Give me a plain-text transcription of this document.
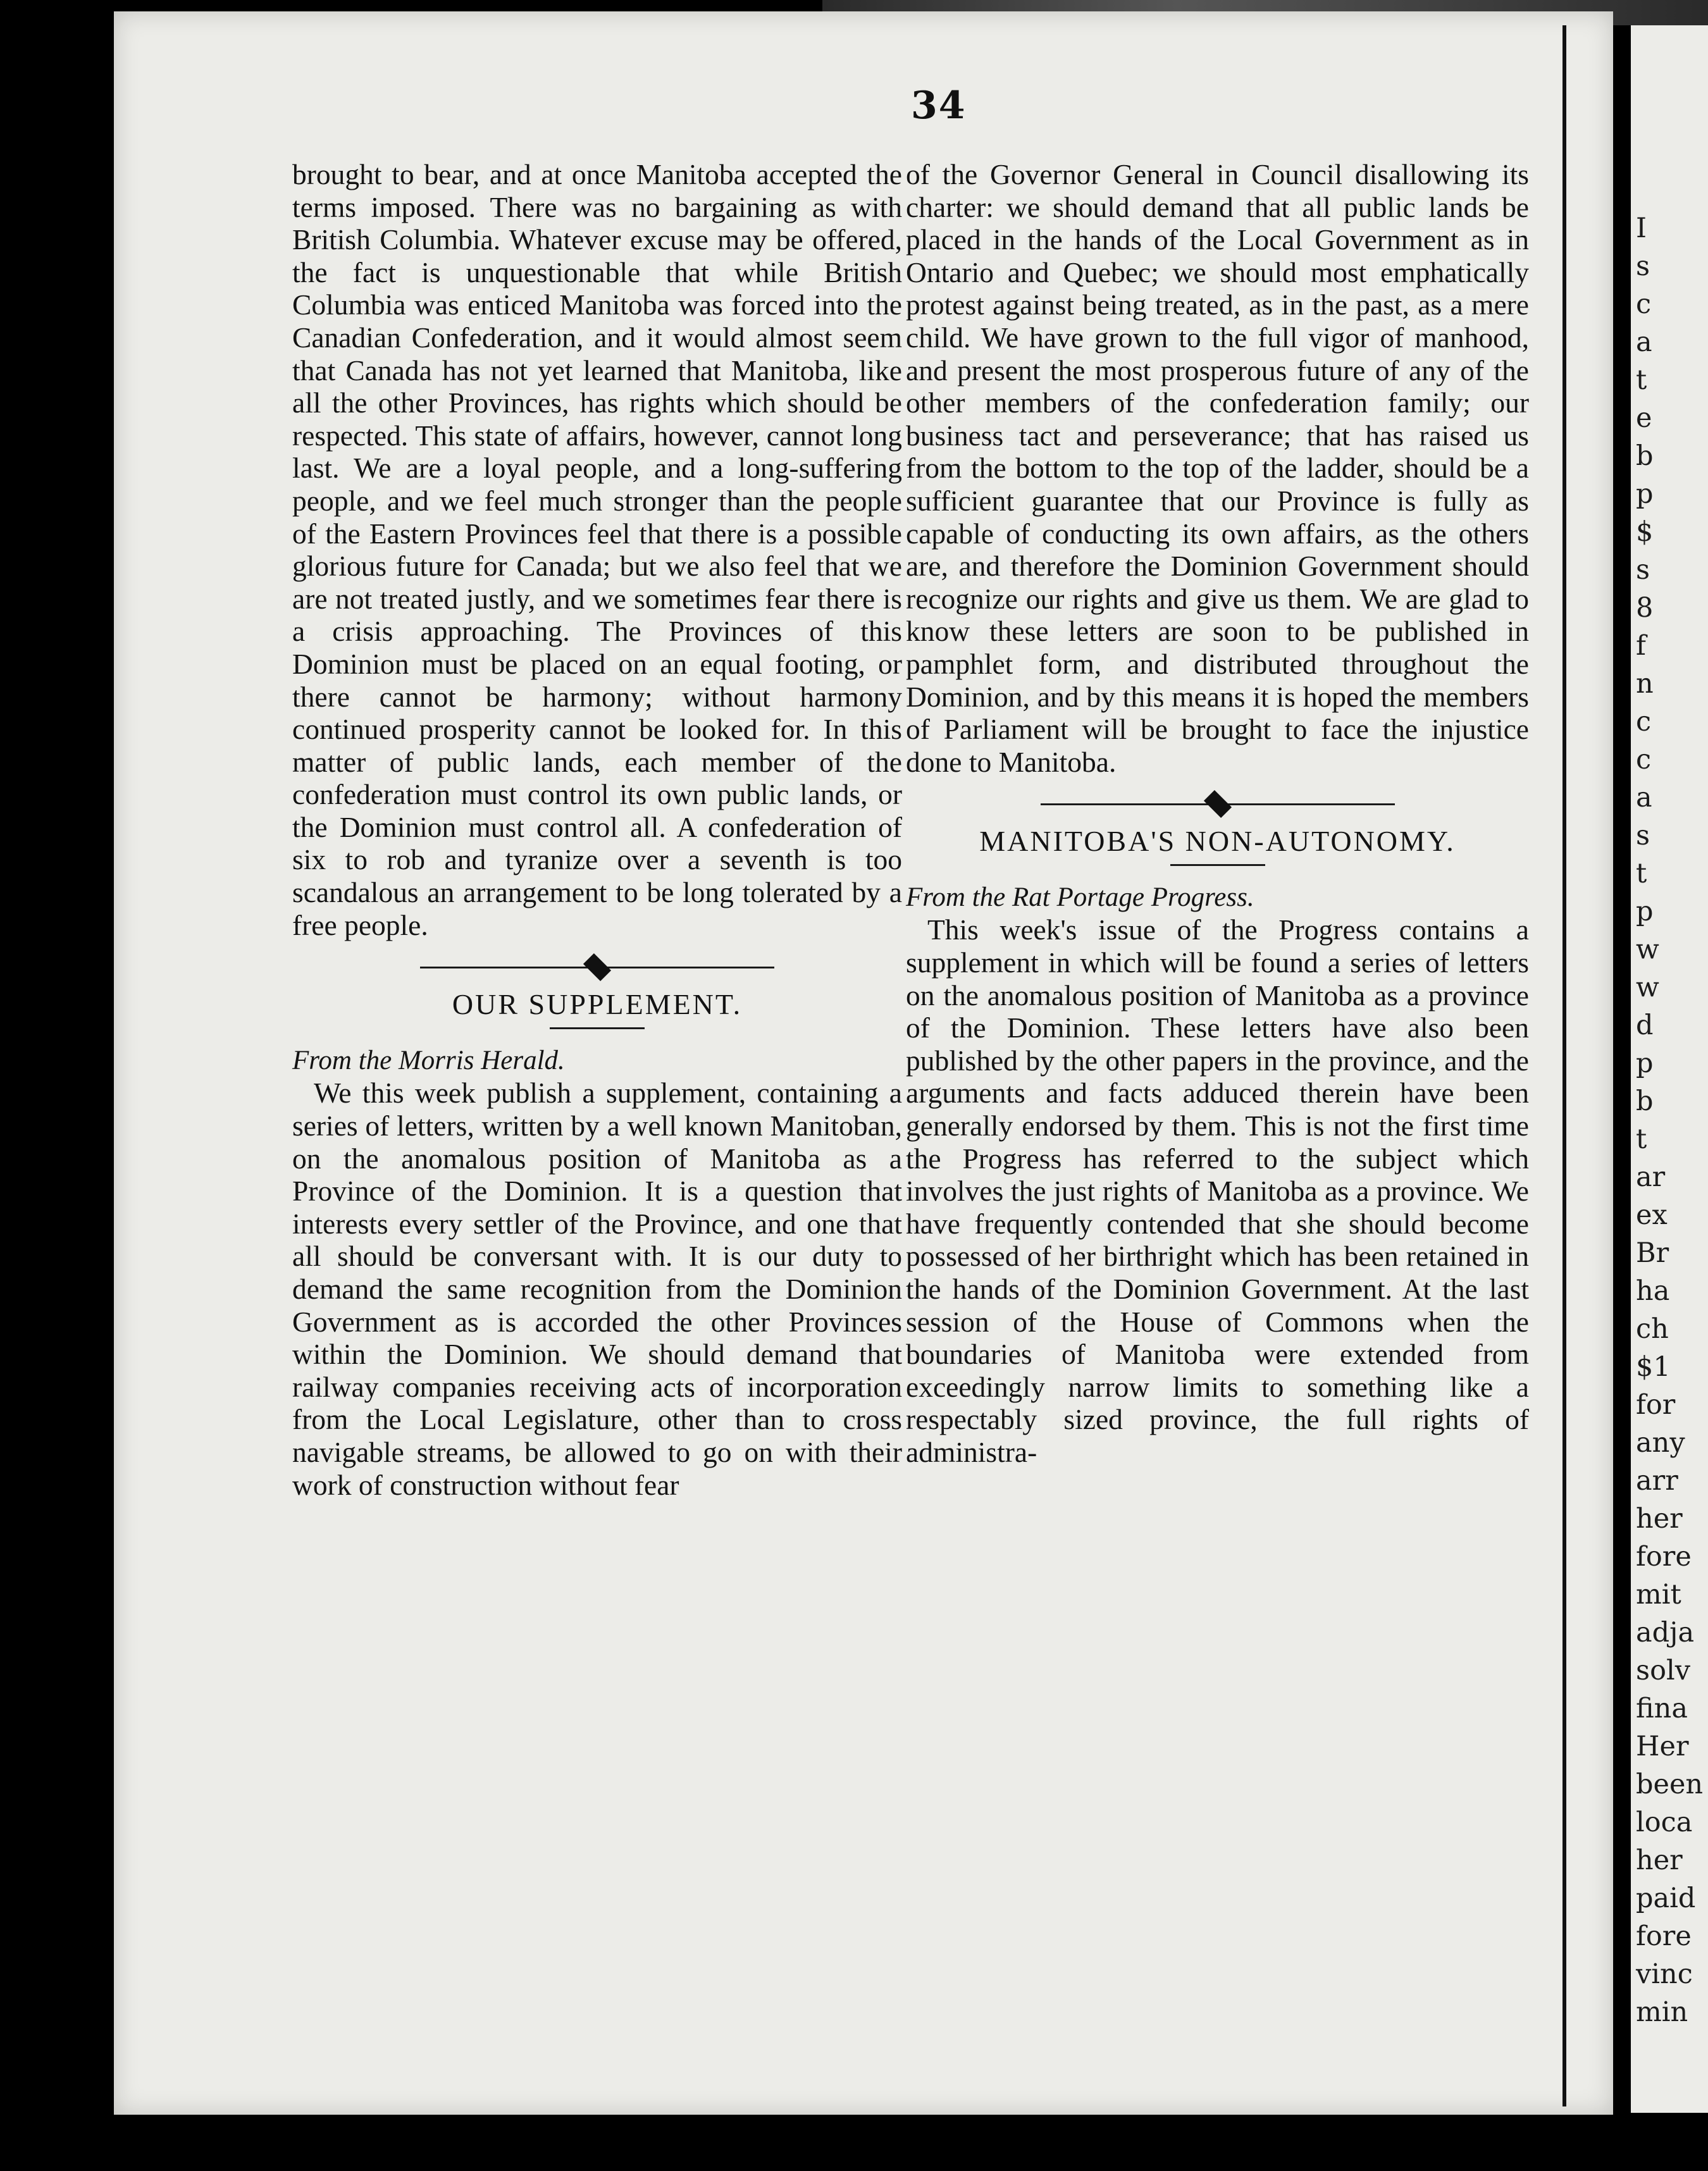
I
s
c
a
t
e
b
p
$
s
8
f
n
c
c
a
s
t
p
w
w
d
p
b
t
ar
ex
Br
ha
ch
$1
for
any
arr
her
fore
mit
adja
solv
fina
Her
been
loca
her
paid
fore
vinc
min
34

brought to bear, and at once Manitoba accepted the terms imposed. There was no bargaining as with British Columbia. Whatever excuse may be offered, the fact is unquestionable that while British Columbia was enticed Manitoba was forced into the Canadian Confederation, and it would almost seem that Canada has not yet learned that Manitoba, like all the other Provinces, has rights which should be respected. This state of affairs, however, cannot long last. We are a loyal people, and a long-suffering people, and we feel much stronger than the people of the Eastern Provinces feel that there is a possible glorious future for Canada; but we also feel that we are not treated justly, and we sometimes fear there is a crisis approaching. The Provinces of this Dominion must be placed on an equal footing, or there cannot be harmony; without harmony continued prosperity cannot be looked for. In this matter of public lands, each member of the confederation must control its own public lands, or the Dominion must control all. A confederation of six to rob and tyranize over a seventh is too scandalous an arrangement to be long tolerated by a free people.

OUR SUPPLEMENT.

From the Morris Herald.

We this week publish a supplement, containing a series of letters, written by a well known Manitoban, on the anomalous position of Manitoba as a Province of the Dominion. It is a question that interests every settler of the Province, and one that all should be conversant with. It is our duty to demand the same recognition from the Dominion Government as is accorded the other Provinces within the Dominion. We should demand that railway companies receiving acts of incorporation from the Local Legislature, other than to cross navigable streams, be allowed to go on with their work of construction without fear

of the Governor General in Council disallowing its charter: we should demand that all public lands be placed in the hands of the Local Government as in Ontario and Quebec; we should most emphatically protest against being treated, as in the past, as a mere child. We have grown to the full vigor of manhood, and present the most prosperous future of any of the other members of the confederation family; our business tact and perseverance; that has raised us from the bottom to the top of the ladder, should be a sufficient guarantee that our Province is fully as capable of conducting its own affairs, as the others are, and therefore the Dominion Government should recognize our rights and give us them. We are glad to know these letters are soon to be published in pamphlet form, and distributed throughout the Dominion, and by this means it is hoped the members of Parliament will be brought to face the injustice done to Manitoba.

MANITOBA'S NON-AUTONOMY.

From the Rat Portage Progress.

This week's issue of the Progress contains a supplement in which will be found a series of letters on the anomalous position of Manitoba as a province of the Dominion. These letters have also been published by the other papers in the province, and the arguments and facts adduced therein have been generally endorsed by them. This is not the first time the Progress has referred to the subject which involves the just rights of Manitoba as a province. We have frequently contended that she should become possessed of her birthright which has been retained in the hands of the Dominion Government. At the last session of the House of Commons when the boundaries of Manitoba were extended from exceedingly narrow limits to something like a respectably sized province, the full rights of administra-
